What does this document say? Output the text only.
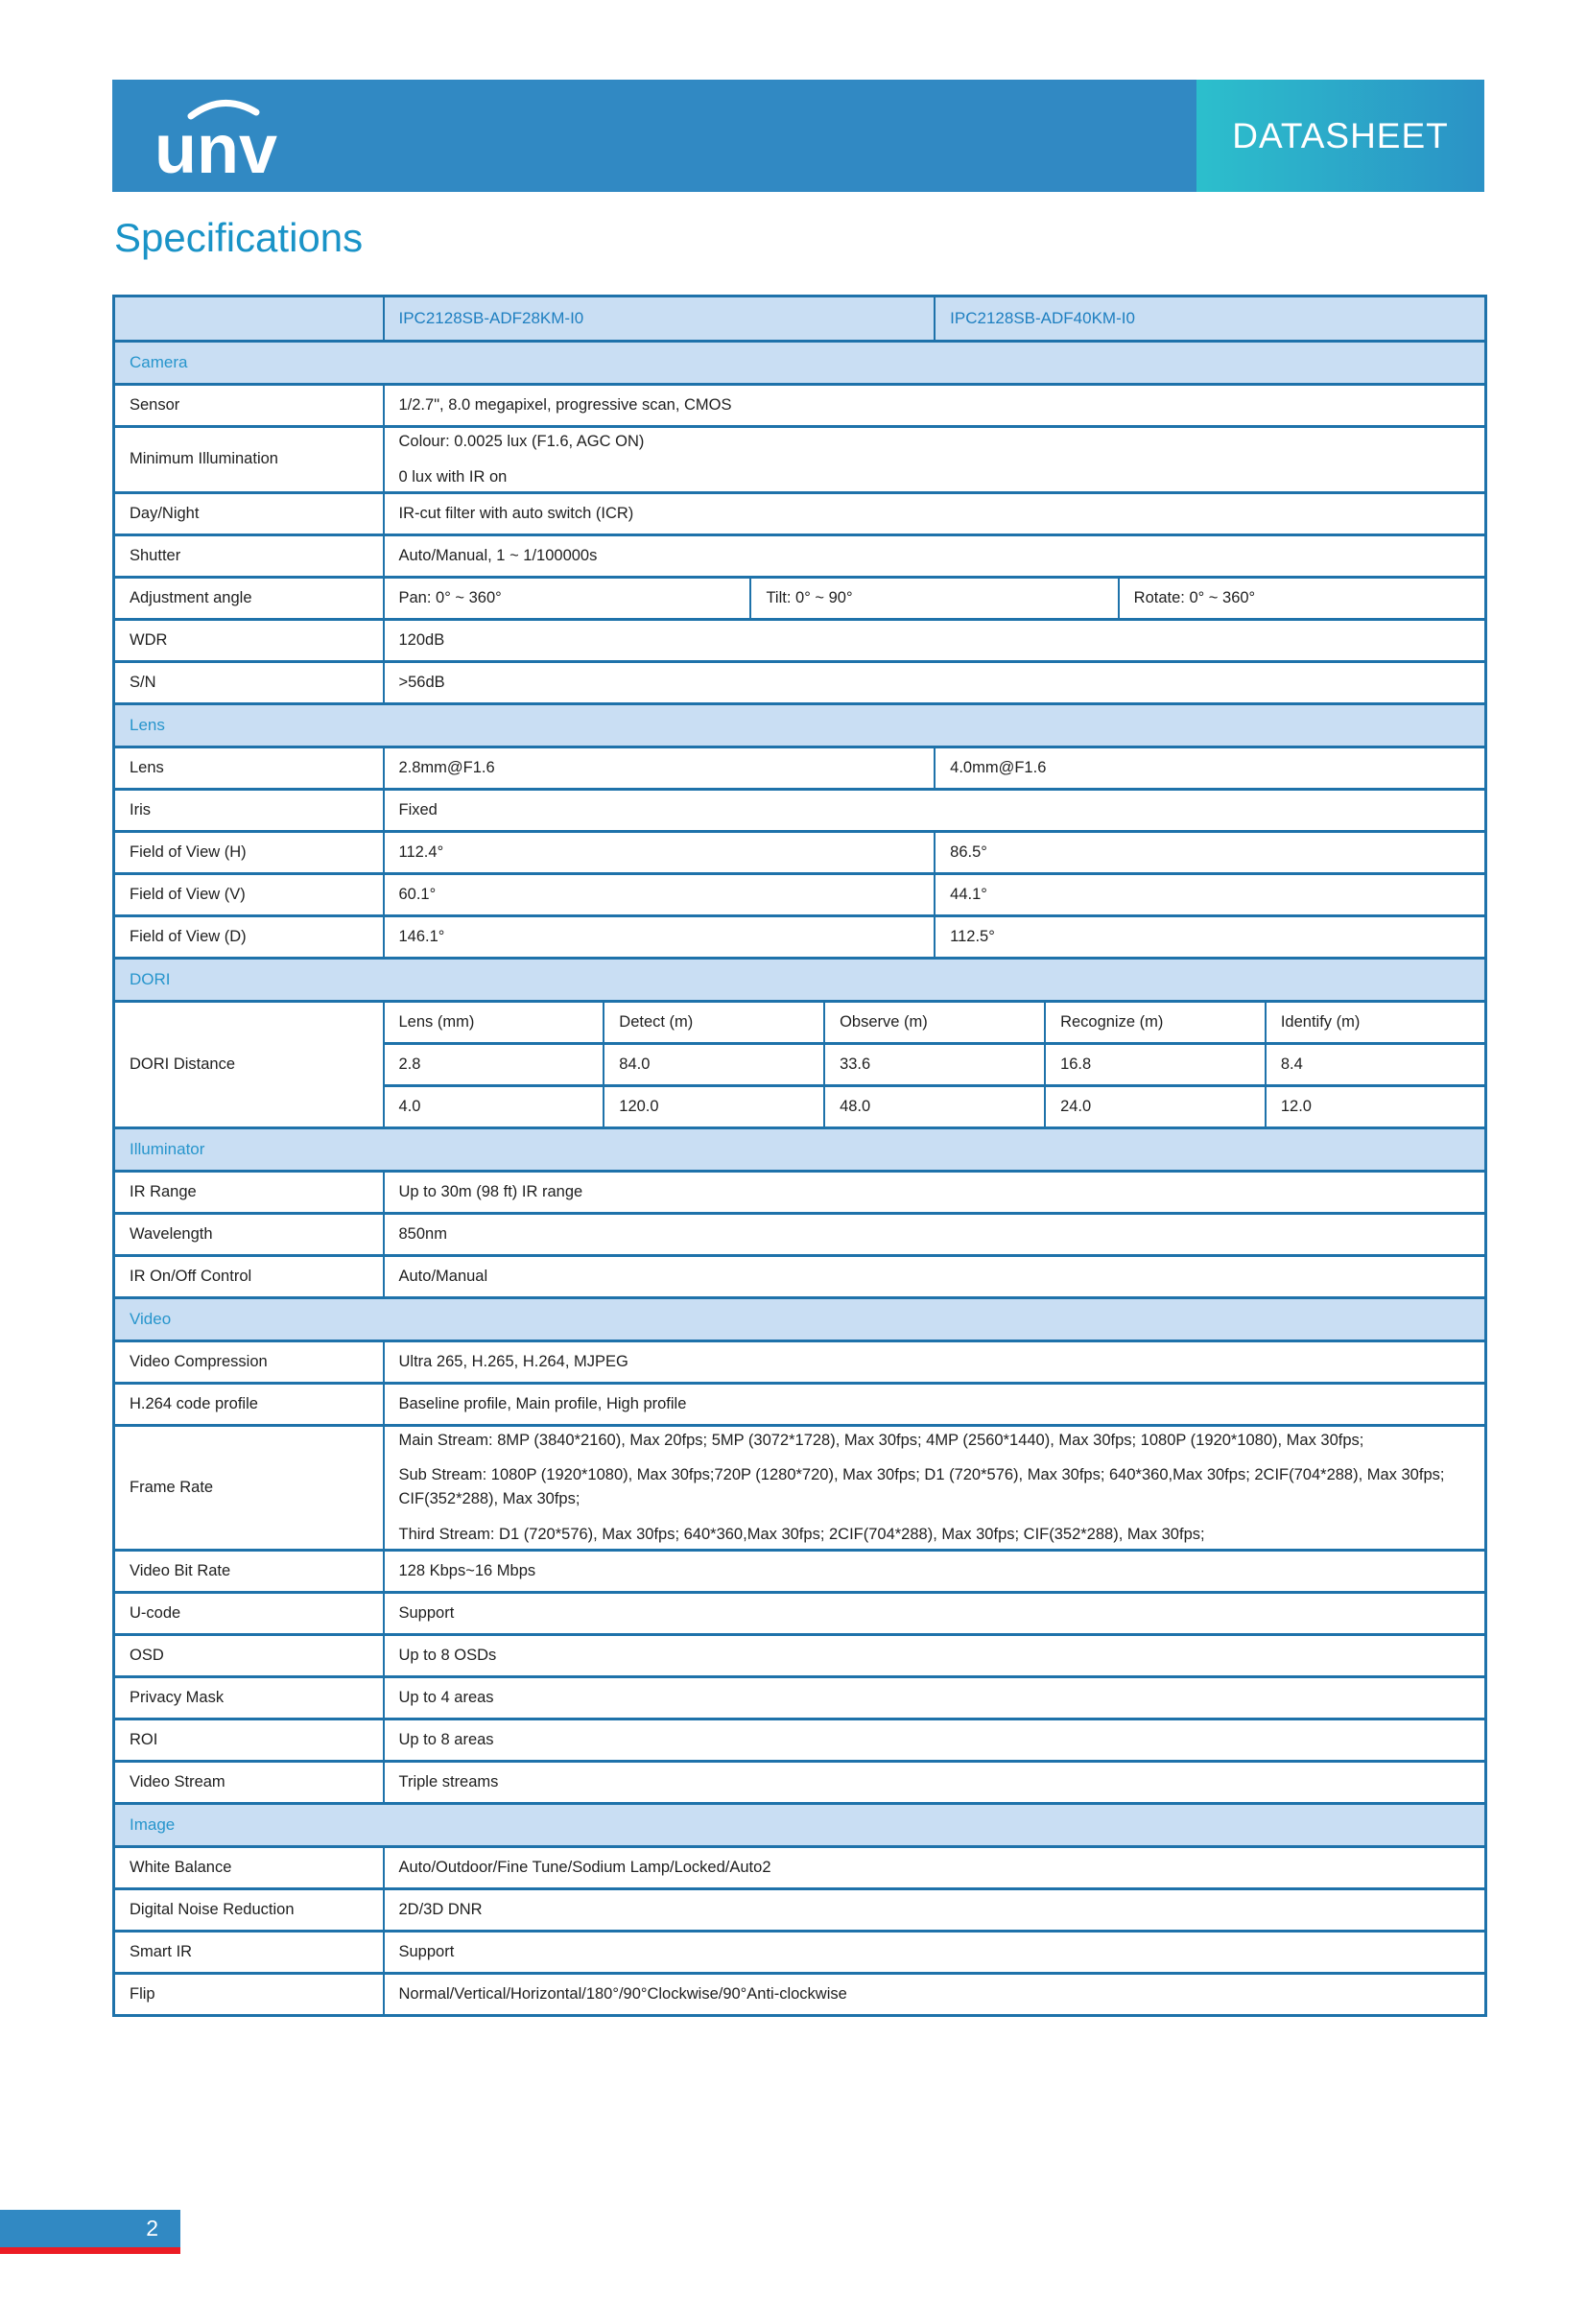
unv	DATASHEET
Specifications
	IPC2128SB-ADF28KM-I0				IPC2128SB-ADF40KM-I0			
Camera								
Sensor	1/2.7", 8.0 megapixel, progressive scan, CMOS							
Minimum Illumination	Colour: 0.0025 lux (F1.6, AGC ON)
0 lux with IR on							

Day/Night	IR-cut filter with auto switch (ICR)							
Shutter	Auto/Manual, 1 ~ 1/100000s							
Adjustment angle	Pan: 0° ~ 360°		Tilt: 0° ~ 90°				Rotate: 0° ~ 360°	
WDR	120dB							
S/N	>56dB							
Lens								
Lens	2.8mm@F1.6				4.0mm@F1.6			
Iris	Fixed							
Field of View (H)	112.4°				86.5°			
Field of View (V)	60.1°				44.1°			
Field of View (D)	146.1°				112.5°			
DORI								
DORI Distance	Lens (mm)	Detect (m)		Observe (m)		Recognize (m)		Identify (m)
	2.8	84.0		33.6		16.8		8.4
	4.0	120.0		48.0		24.0		12.0
Illuminator								
IR Range	Up to 30m (98 ft) IR range							
Wavelength	850nm							
IR On/Off Control	Auto/Manual							
Video								
Video Compression	Ultra 265, H.265, H.264, MJPEG							
H.264 code profile	Baseline profile, Main profile, High profile							
Frame Rate	Main Stream: 8MP (3840*2160), Max 20fps; 5MP (3072*1728), Max 30fps; 4MP (2560*1440), Max 30fps; 1080P (1920*1080), Max 30fps;
Sub Stream: 1080P (1920*1080), Max 30fps;720P (1280*720), Max 30fps; D1 (720*576), Max 30fps; 640*360,Max 30fps; 2CIF(704*288), Max 30fps; CIF(352*288), Max 30fps;
Third Stream: D1 (720*576), Max 30fps; 640*360,Max 30fps; 2CIF(704*288), Max 30fps; CIF(352*288), Max 30fps;							

Video Bit Rate	128 Kbps~16 Mbps							
U-code	Support							
OSD	Up to 8 OSDs							
Privacy Mask	Up to 4 areas							
ROI	Up to 8 areas							
Video Stream	Triple streams							
Image								
White Balance	Auto/Outdoor/Fine Tune/Sodium Lamp/Locked/Auto2							
Digital Noise Reduction	2D/3D DNR							
Smart IR	Support							
Flip	Normal/Vertical/Horizontal/180°/90°Clockwise/90°Anti-clockwise							
2
